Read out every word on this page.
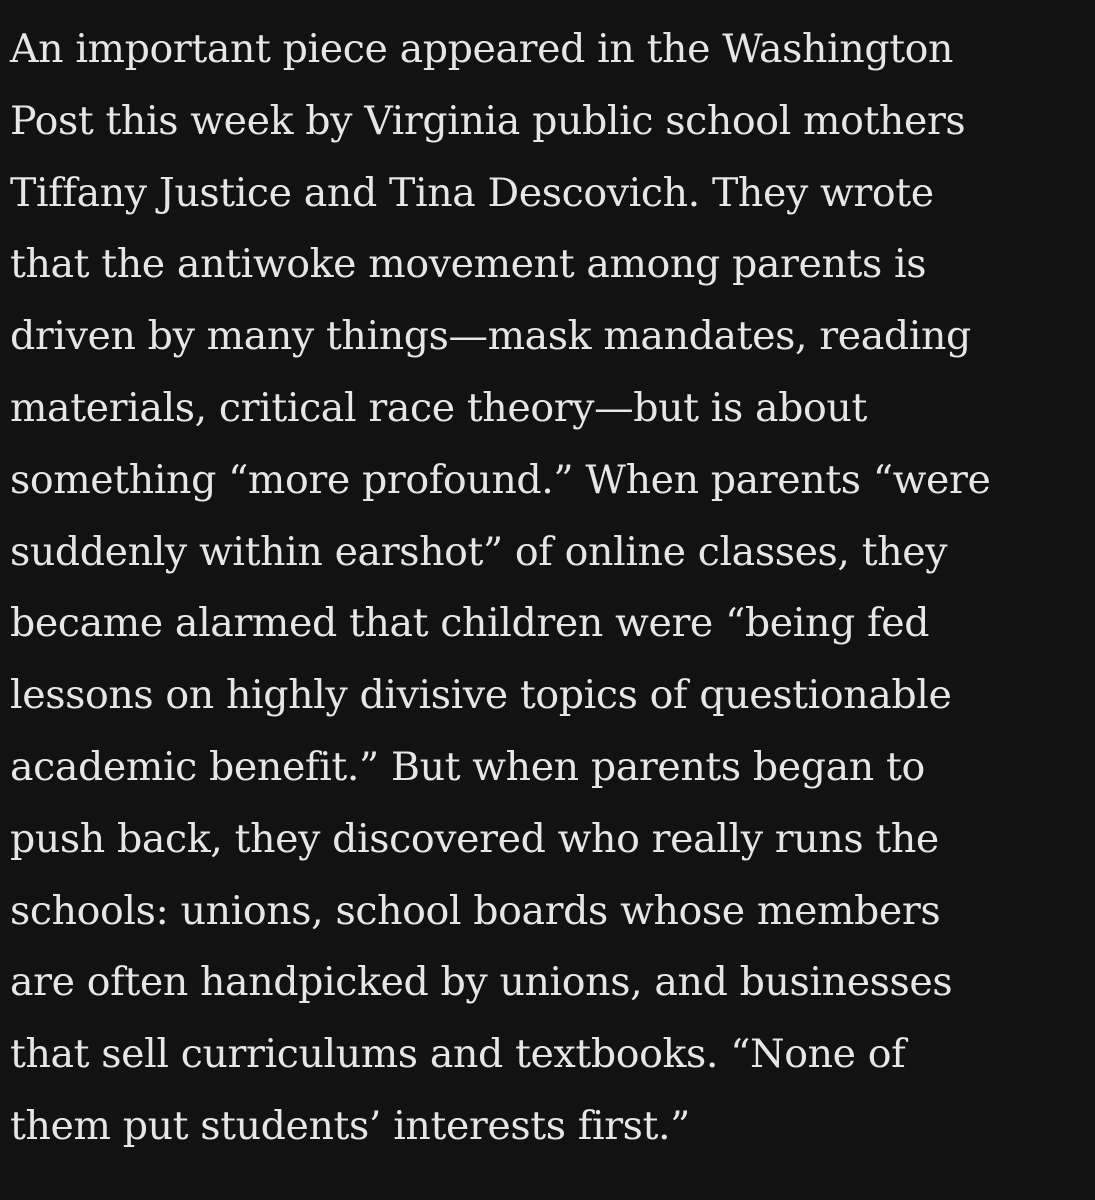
An important piece appeared in the Washington
Post this week by Virginia public school mothers
Tiffany Justice and Tina Descovich. They wrote
that the antiwoke movement among parents is
driven by many things—mask mandates, reading
materials, critical race theory—but is about
something “more profound.” When parents “were
suddenly within earshot” of online classes, they
became alarmed that children were “being fed
lessons on highly divisive topics of questionable
academic benefit.” But when parents began to
push back, they discovered who really runs the
schools: unions, school boards whose members
are often handpicked by unions, and businesses
that sell curriculums and textbooks. “None of
them put students’ interests first.”
